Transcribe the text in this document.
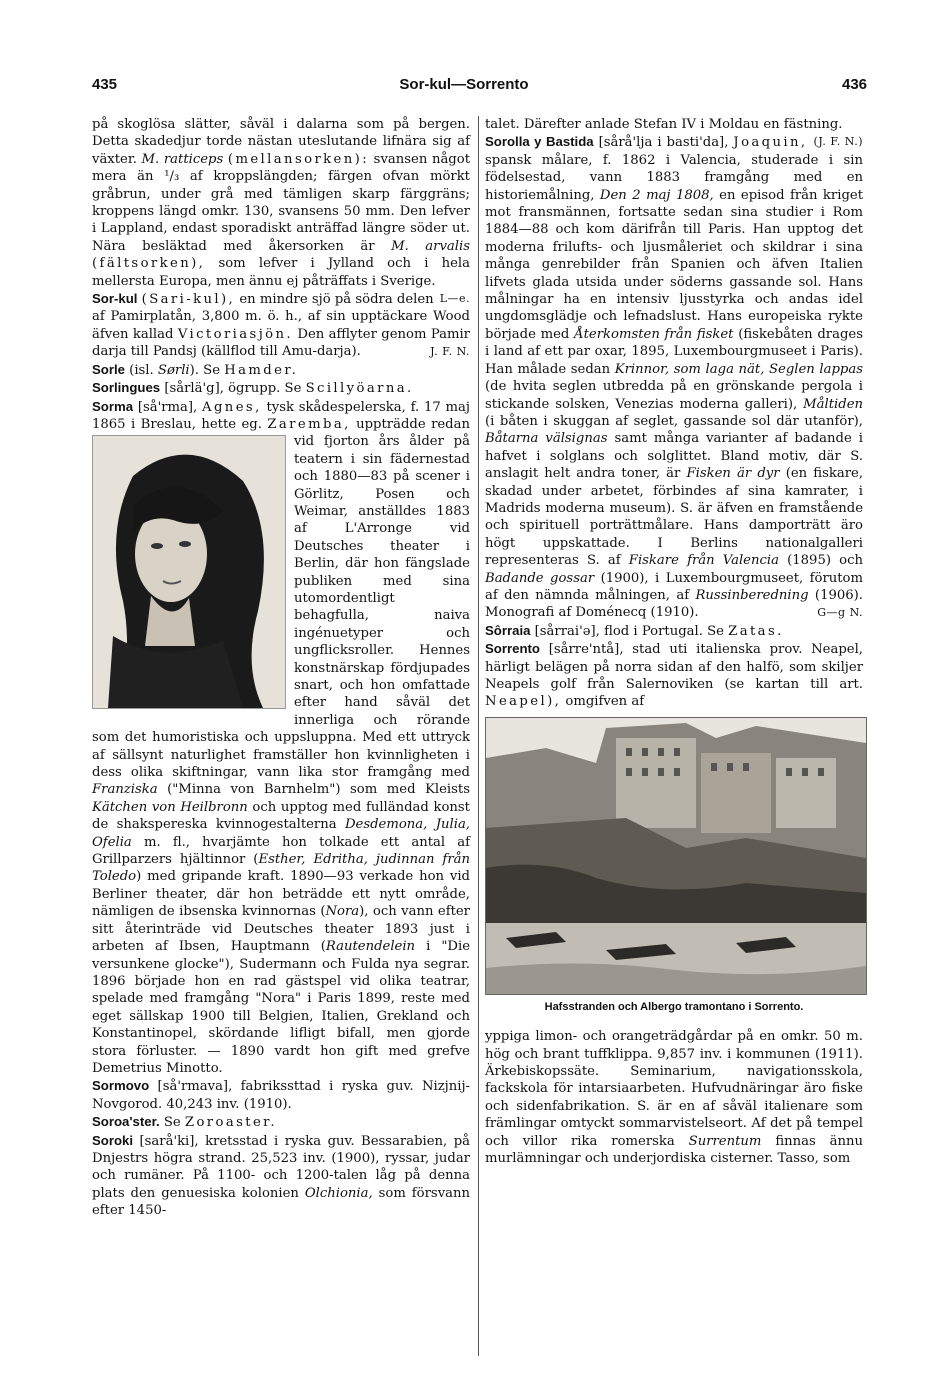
435	Sor-kul—Sorrento	436

på skoglösa slätter, såväl i dalarna som på bergen. Detta skadedjur torde nästan uteslutande lifnära sig af växter. M. ratticeps (mellansorken): svansen något mera än ¹/₃ af kroppslängden; färgen ofvan mörkt gråbrun, under grå med tämligen skarp färggräns; kroppens längd omkr. 130, svansens 50 mm. Den lefver i Lappland, endast sporadiskt anträffad längre söder ut. Nära besläktad med åkersorken är M. arvalis (fältsorken), som lefver i Jylland och i hela mellersta Europa, men ännu ej påträffats i Sverige.
L—e.

Sor-kul (Sari-kul), en mindre sjö på södra delen af Pamirplatån, 3,800 m. ö. h., af sin upptäckare Wood äfven kallad Victoriasjön. Den afflyter genom Pamir darja till Pandsj (källflod till Amu-darja).	J. F. N.

Sorle (isl. Sørli). Se Hamder.

Sorlingues [sårlä'g], ögrupp. Se Scillyöarna.

Sorma [så'rma], Agnes, tysk skådespelerska, f. 17 maj 1865 i Breslau, hette eg. Zaremba,
uppträdde redan vid fjorton års ålder på teatern i sin fädernestad och 1880—83 på scener i Görlitz, Posen och Weimar, anställdes 1883 af L'Arronge vid Deutsches theater i Berlin, där hon fängslade publiken med sina utomordentligt behagfulla, naiva ingénuetyper och ungflicksroller. Hennes konstnärskap fördjupades snart, och hon omfattade efter hand såväl det innerliga och rörande som det humoristiska och uppsluppna. Med ett uttryck af sällsynt naturlighet framställer hon kvinnligheten i dess olika skiftningar, vann lika stor framgång med Franziska ("Minna von Barnhelm") som med Kleists Kätchen von Heilbronn och upptog med fulländad konst de shakspereska kvinnogestalterna Desdemona, Julia, Ofelia m. fl., hvarjämte hon tolkade ett antal af Grillparzers hjältinnor (Esther, Edritha, judinnan från Toledo) med gripande kraft. 1890—93 verkade hon vid Berliner theater, där hon beträdde ett nytt område, nämligen de ibsenska kvinnornas (Nora), och vann efter sitt återinträde vid Deutsches theater 1893 just i arbeten af Ibsen, Hauptmann (Rautendelein i "Die versunkene glocke"), Sudermann och Fulda nya segrar. 1896 började hon en rad gästspel vid olika teatrar, spelade med framgång "Nora" i Paris 1899, reste med eget sällskap 1900 till Belgien, Italien, Grekland och Konstantinopel, skördande lifligt bifall, men gjorde stora förluster. — 1890 vardt hon gift med grefve Demetrius Minotto.

Sormovo [så'rmava], fabrikssttad i ryska guv. Nizjnij-Novgorod. 40,243 inv. (1910).

Soroa'ster. Se Zoroaster.

Soroki [sarå'ki], kretsstad i ryska guv. Bessarabien, på Dnjestrs högra strand. 25,523 inv. (1900), ryssar, judar och rumäner. På 1100- och 1200-talen låg på denna plats den genuesiska kolonien Olchionia, som försvann efter 1450-

talet. Därefter anlade Stefan IV i Moldau en fästning.
(J. F. N.)

Sorolla y Bastida [sårå'lja i basti'da], Joaquin, spansk målare, f. 1862 i Valencia, studerade i sin födelsestad, vann 1883 framgång med en historiemålning, Den 2 maj 1808, en episod från kriget mot fransmännen, fortsatte sedan sina studier i Rom 1884—88 och kom därifrån till Paris. Han upptog det moderna frilufts- och ljusmåleriet och skildrar i sina många genrebilder från Spanien och äfven Italien lifvets glada utsida under söderns gassande sol. Hans målningar ha en intensiv ljusstyrka och andas idel ungdomsglädje och lefnadslust. Hans europeiska rykte började med Återkomsten från fisket (fiskebåten drages i land af ett par oxar, 1895, Luxembourgmuseet i Paris). Han målade sedan Krinnor, som laga nät, Seglen lappas (de hvita seglen utbredda på en grönskande pergola i stickande solsken, Venezias moderna galleri), Måltiden (i båten i skuggan af seglet, gassande sol där utanför), Båtarna välsignas samt många varianter af badande i hafvet i solglans och solglittet. Bland motiv, där S. anslagit helt andra toner, är Fisken är dyr (en fiskare, skadad under arbetet, förbindes af sina kamrater, i Madrids moderna museum). S. är äfven en framstående och spirituell porträttmålare. Hans damporträtt äro högt uppskattade. I Berlins nationalgalleri representeras S. af Fiskare från Valencia (1895) och Badande gossar (1900), i Luxembourgmuseet, förutom af den nämnda målningen, af Russinberedning (1906). Monografi af Doménecq (1910).	G—g N.

Sôrraia [sårrai'ə], flod i Portugal. Se Zatas.

Sorrento [sårre'ntå], stad uti italienska prov. Neapel, härligt belägen på norra sidan af den halfö, som skiljer Neapels golf från Salernoviken (se kartan till art. Neapel), omgifven af

Hafsstranden och Albergo tramontano i Sorrento.

yppiga limon- och orangeträdgårdar på en omkr. 50 m. hög och brant tuffklippa. 9,857 inv. i kommunen (1911). Ärkebiskopssäte. Seminarium, navigationsskola, fackskola för intarsiaarbeten. Hufvudnäringar äro fiske och sidenfabrikation. S. är en af såväl italienare som främlingar omtyckt sommarvistelseort. Af det på tempel och villor rika romerska Surrentum finnas ännu murlämningar och underjordiska cisterner. Tasso, som
